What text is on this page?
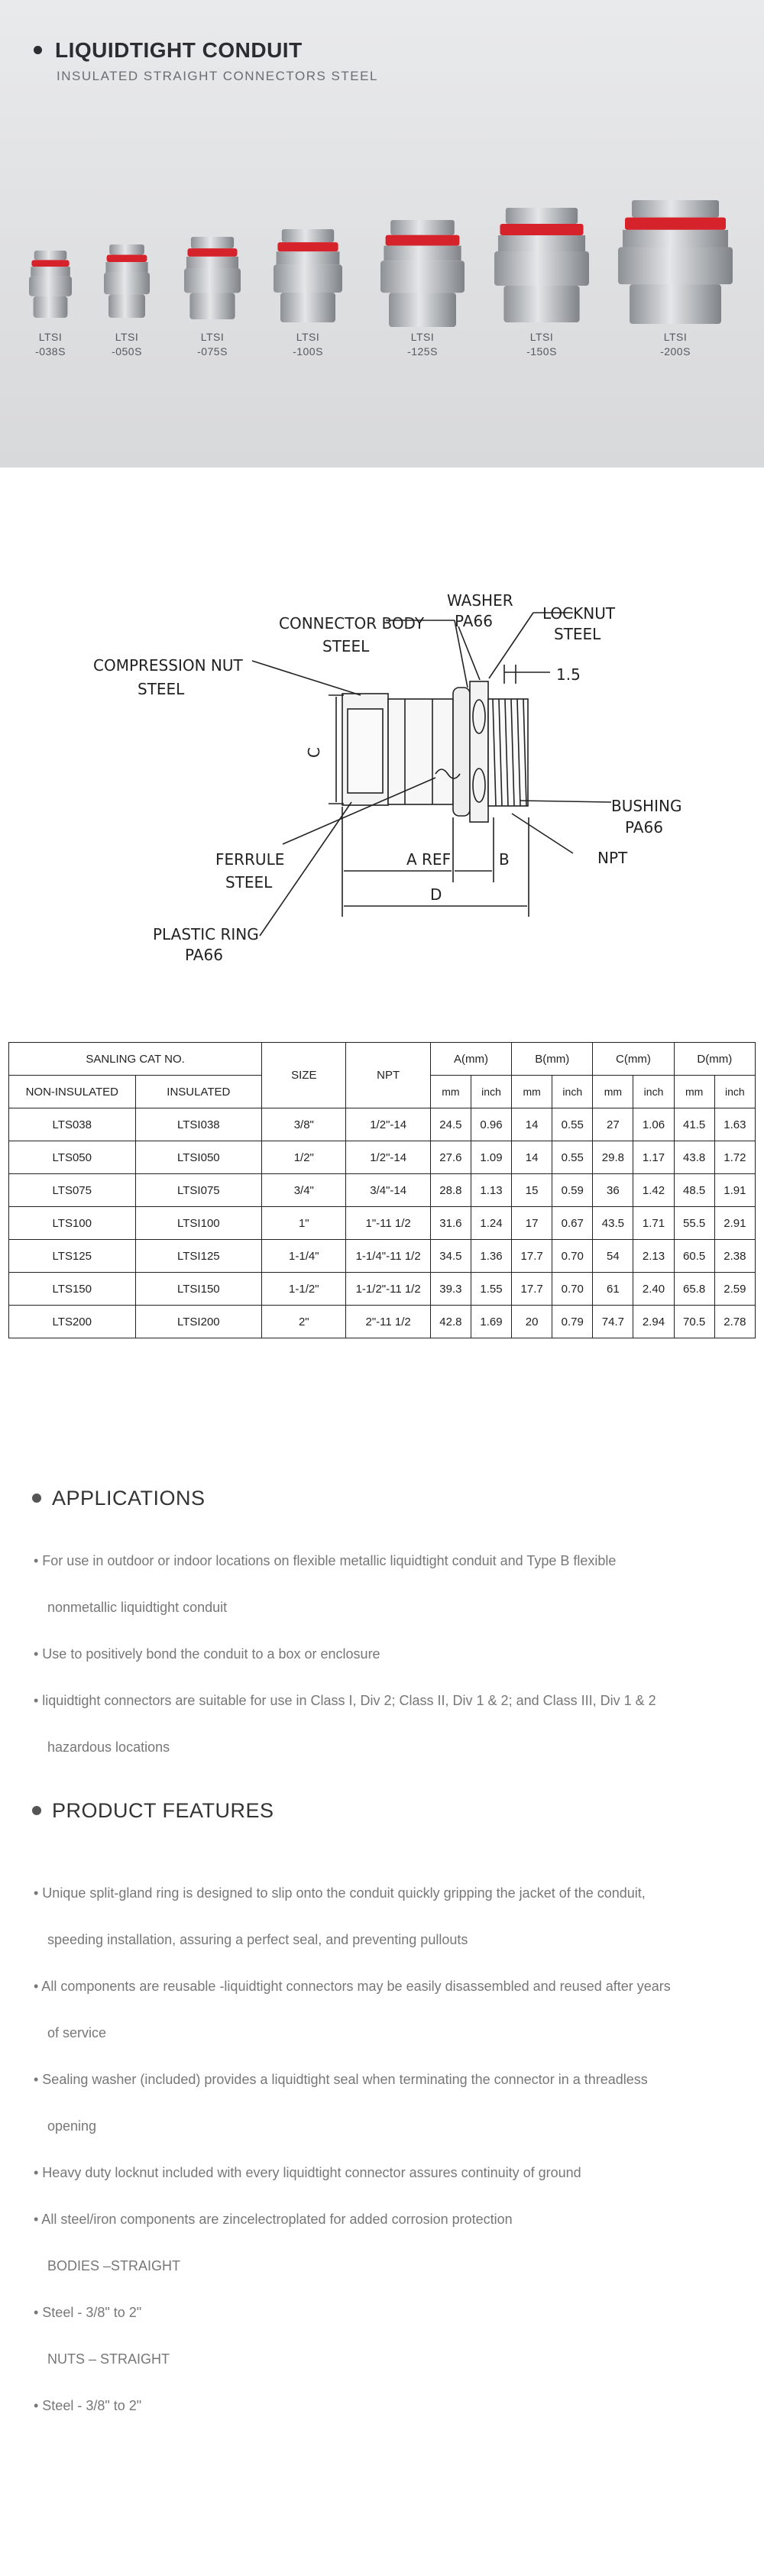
LIQUIDTIGHT CONDUIT
INSULATED STRAIGHT CONNECTORS STEEL
LTSI
-038S
LTSI
-050S
LTSI
-075S
LTSI
-100S
LTSI
-125S
LTSI
-150S
LTSI
-200S
WASHER
PA66	LOCKNUT
STEEL
CONNECTOR BODY
STEEL
COMPRESSION NUT
STEEL
BUSHING
PA66
NPT
FERRULE
STEEL
PLASTIC RING
PA66
C
A REF	B
D
1.5
SANLING CAT NO.		SIZE	NPT	A(mm)		B(mm)		C(mm)		D(mm)	
NON-INSULATED	INSULATED			mm	inch	mm	inch	mm	inch	mm	inch
LTS038	LTSI038	3/8"	1/2"-14	24.5	0.96	14	0.55	27	1.06	41.5	1.63
LTS050	LTSI050	1/2"	1/2"-14	27.6	1.09	14	0.55	29.8	1.17	43.8	1.72
LTS075	LTSI075	3/4"	3/4"-14	28.8	1.13	15	0.59	36	1.42	48.5	1.91
LTS100	LTSI100	1"	1"-11 1/2	31.6	1.24	17	0.67	43.5	1.71	55.5	2.91
LTS125	LTSI125	1-1/4"	1-1/4"-11 1/2	34.5	1.36	17.7	0.70	54	2.13	60.5	2.38
LTS150	LTSI150	1-1/2"	1-1/2"-11 1/2	39.3	1.55	17.7	0.70	61	2.40	65.8	2.59
LTS200	LTSI200	2"	2"-11 1/2	42.8	1.69	20	0.79	74.7	2.94	70.5	2.78
APPLICATIONS
• For use in outdoor or indoor locations on flexible metallic liquidtight conduit and Type B flexible
nonmetallic liquidtight conduit
• Use to positively bond the conduit to a box or enclosure
• liquidtight connectors are suitable for use in Class I, Div 2; Class II, Div 1 & 2; and Class III, Div 1 & 2
hazardous locations
PRODUCT FEATURES
• Unique split-gland ring is designed to slip onto the conduit quickly gripping the jacket of the conduit,
speeding installation, assuring a perfect seal, and preventing pullouts
• All components are reusable -liquidtight connectors may be easily disassembled and reused after years
of service
• Sealing washer (included) provides a liquidtight seal when terminating the connector in a threadless
opening
• Heavy duty locknut included with every liquidtight connector assures continuity of ground
• All steel/iron components are zincelectroplated for added corrosion protection
BODIES –STRAIGHT
• Steel - 3/8" to 2"
NUTS – STRAIGHT
• Steel - 3/8" to 2"
